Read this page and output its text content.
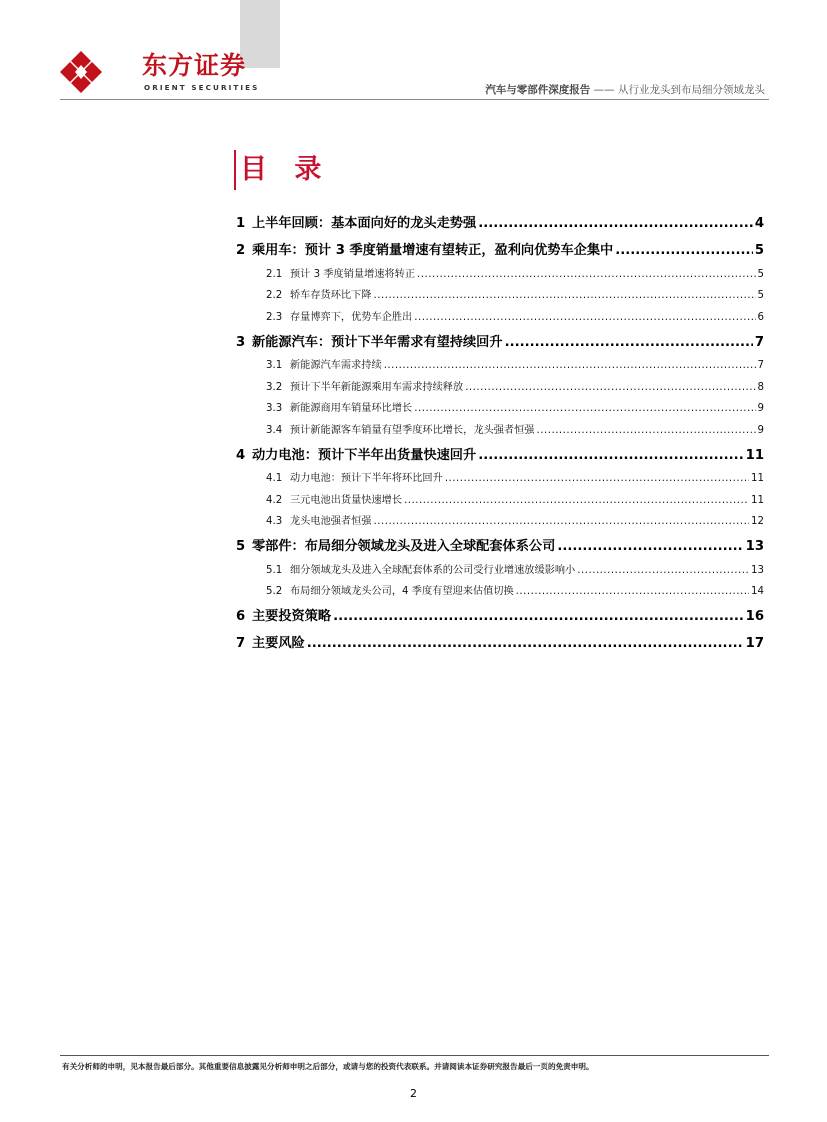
东方证券
ORIENT SECURITIES	汽车与零部件深度报告 —— 从行业龙头到布局细分领域龙头
目 录
1 上半年回顾：基本面向好的龙头走势强 .....	4
2 乘用车：预计 3 季度销量增速有望转正，盈利向优势车企集中 .....	5
2.1 预计 3 季度销量增速将转正 .....	5
2.2 轿车存货环比下降 .....	5
2.3 存量博弈下，优势车企胜出 .....	6
3 新能源汽车：预计下半年需求有望持续回升 .....	7
3.1 新能源汽车需求持续 .....	7
3.2 预计下半年新能源乘用车需求持续释放 .....	8
3.3 新能源商用车销量环比增长 .....	9
3.4 预计新能源客车销量有望季度环比增长，龙头强者恒强 .....	9
4 动力电池：预计下半年出货量快速回升 .....	11
4.1 动力电池：预计下半年将环比回升 .....	11
4.2 三元电池出货量快速增长 .....	11
4.3 龙头电池强者恒强 .....	12
5 零部件：布局细分领域龙头及进入全球配套体系公司 .....	13
5.1 细分领域龙头及进入全球配套体系的公司受行业增速放缓影响小 .....	13
5.2 布局细分领域龙头公司，4 季度有望迎来估值切换 .....	14
6 主要投资策略 .....	16
7 主要风险 .....	17
有关分析师的申明，见本报告最后部分。其他重要信息披露见分析师申明之后部分，或请与您的投资代表联系。并请阅读本证券研究报告最后一页的免责申明。
2
